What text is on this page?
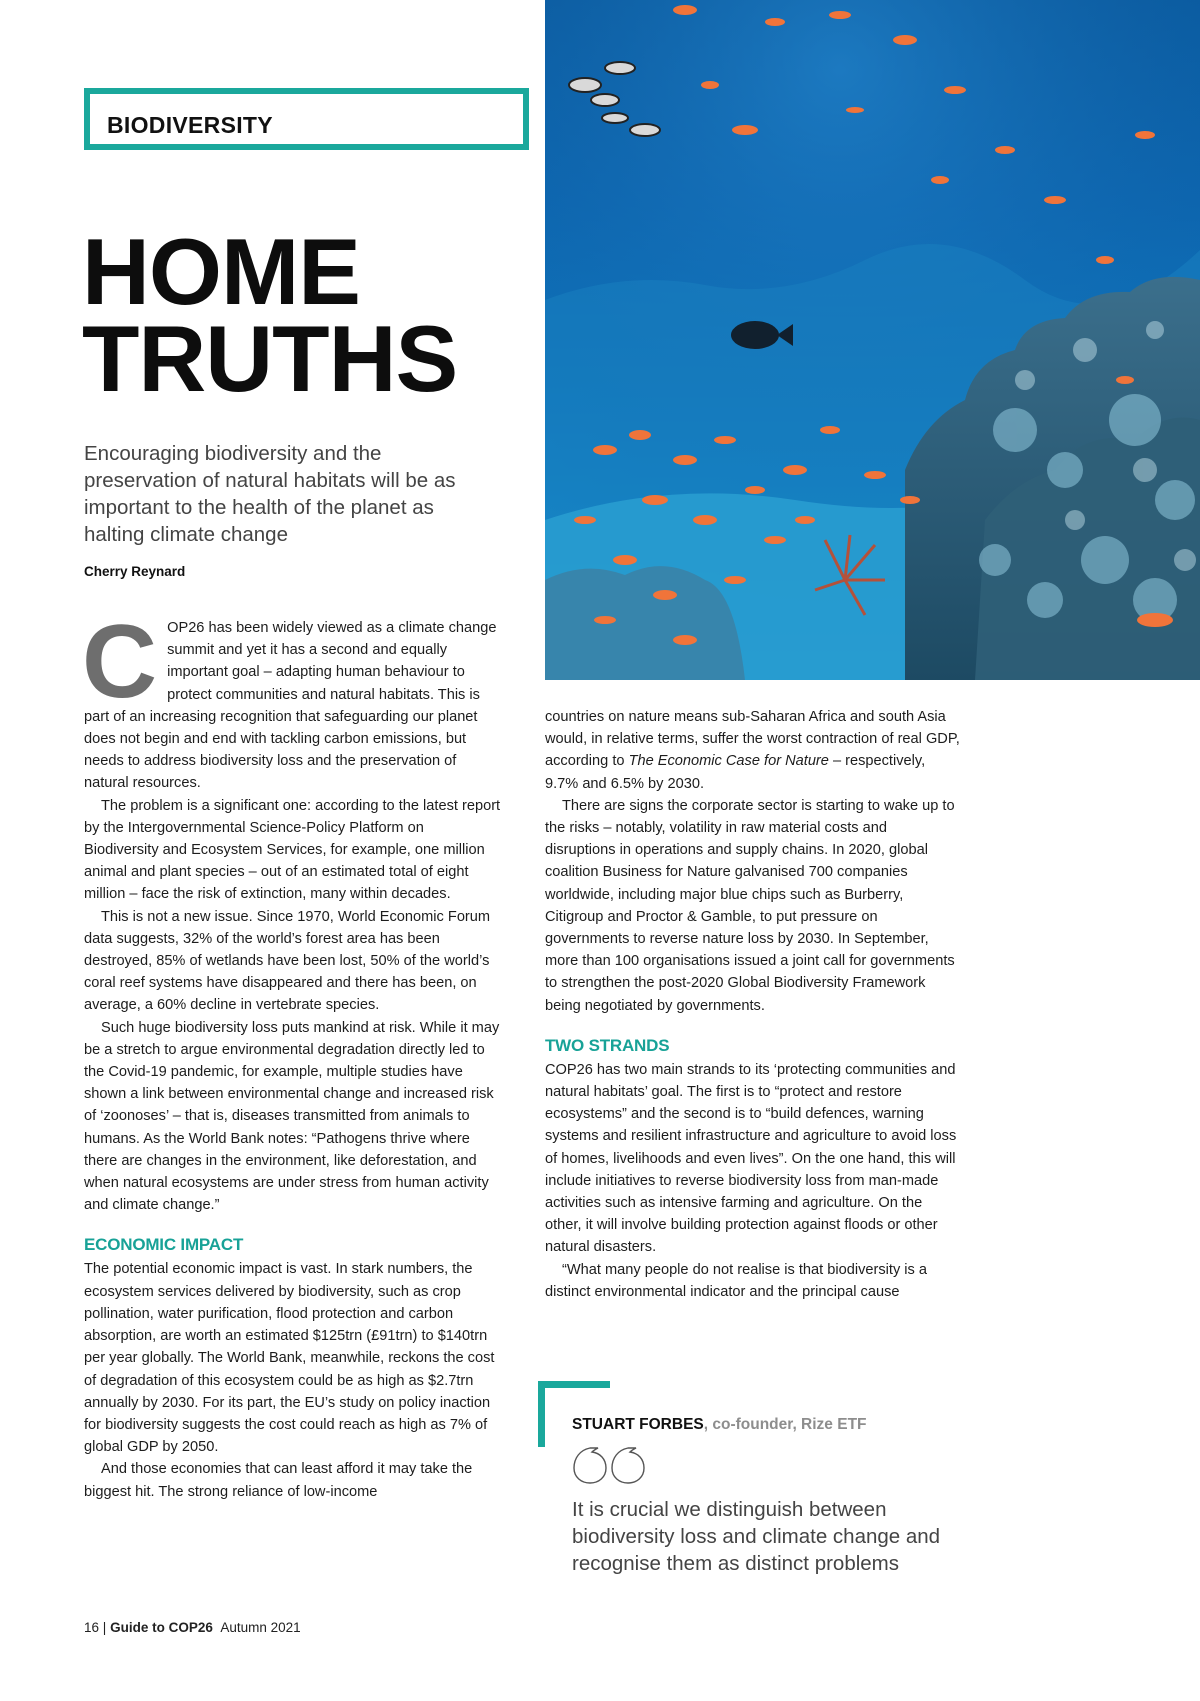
BIODIVERSITY
HOME
TRUTHS
Encouraging biodiversity and the preservation of natural habitats will be as important to the health of the planet as halting climate change
Cherry Reynard

COP26 has been widely viewed as a climate change summit and yet it has a second and equally important goal – adapting human behaviour to protect communities and natural habitats. This is part of an increasing recognition that safeguarding our planet does not begin and end with tackling carbon emissions, but needs to address biodiversity loss and the preservation of natural resources.

The problem is a significant one: according to the latest report by the Intergovernmental Science-Policy Platform on Biodiversity and Ecosystem Services, for example, one million animal and plant species – out of an estimated total of eight million – face the risk of extinction, many within decades.

This is not a new issue. Since 1970, World Economic Forum data suggests, 32% of the world’s forest area has been destroyed, 85% of wetlands have been lost, 50% of the world’s coral reef systems have disappeared and there has been, on average, a 60% decline in vertebrate species.

Such huge biodiversity loss puts mankind at risk. While it may be a stretch to argue environmental degradation directly led to the Covid-19 pandemic, for example, multiple studies have shown a link between environmental change and increased risk of ‘zoonoses’ – that is, diseases transmitted from animals to humans. As the World Bank notes: “Pathogens thrive where there are changes in the environment, like deforestation, and when natural ecosystems are under stress from human activity and climate change.”

ECONOMIC IMPACT

The potential economic impact is vast. In stark numbers, the ecosystem services delivered by biodiversity, such as crop pollination, water purification, flood protection and carbon absorption, are worth an estimated $125trn (£91trn) to $140trn per year globally. The World Bank, meanwhile, reckons the cost of degradation of this ecosystem could be as high as $2.7trn annually by 2030. For its part, the EU’s study on policy inaction for biodiversity suggests the cost could reach as high as 7% of global GDP by 2050.

And those economies that can least afford it may take the biggest hit. The strong reliance of low-income

countries on nature means sub-Saharan Africa and south Asia would, in relative terms, suffer the worst contraction of real GDP, according to The Economic Case for Nature – respectively, 9.7% and 6.5% by 2030.

There are signs the corporate sector is starting to wake up to the risks – notably, volatility in raw material costs and disruptions in operations and supply chains. In 2020, global coalition Business for Nature galvanised 700 companies worldwide, including major blue chips such as Burberry, Citigroup and Proctor & Gamble, to put pressure on governments to reverse nature loss by 2030. In September, more than 100 organisations issued a joint call for governments to strengthen the post-2020 Global Biodiversity Framework being negotiated by governments.

TWO STRANDS

COP26 has two main strands to its ‘protecting communities and natural habitats’ goal. The first is to “protect and restore ecosystems” and the second is to “build defences, warning systems and resilient infrastructure and agriculture to avoid loss of homes, livelihoods and even lives”. On the one hand, this will include initiatives to reverse biodiversity loss from man-made activities such as intensive farming and agriculture. On the other, it will involve building protection against floods or other natural disasters.

“What many people do not realise is that biodiversity is a distinct environmental indicator and the principal cause

STUART FORBES, co-founder, Rize ETF
It is crucial we distinguish between biodiversity loss and climate change and recognise them as distinct problems
16 | Guide to COP26 Autumn 2021
